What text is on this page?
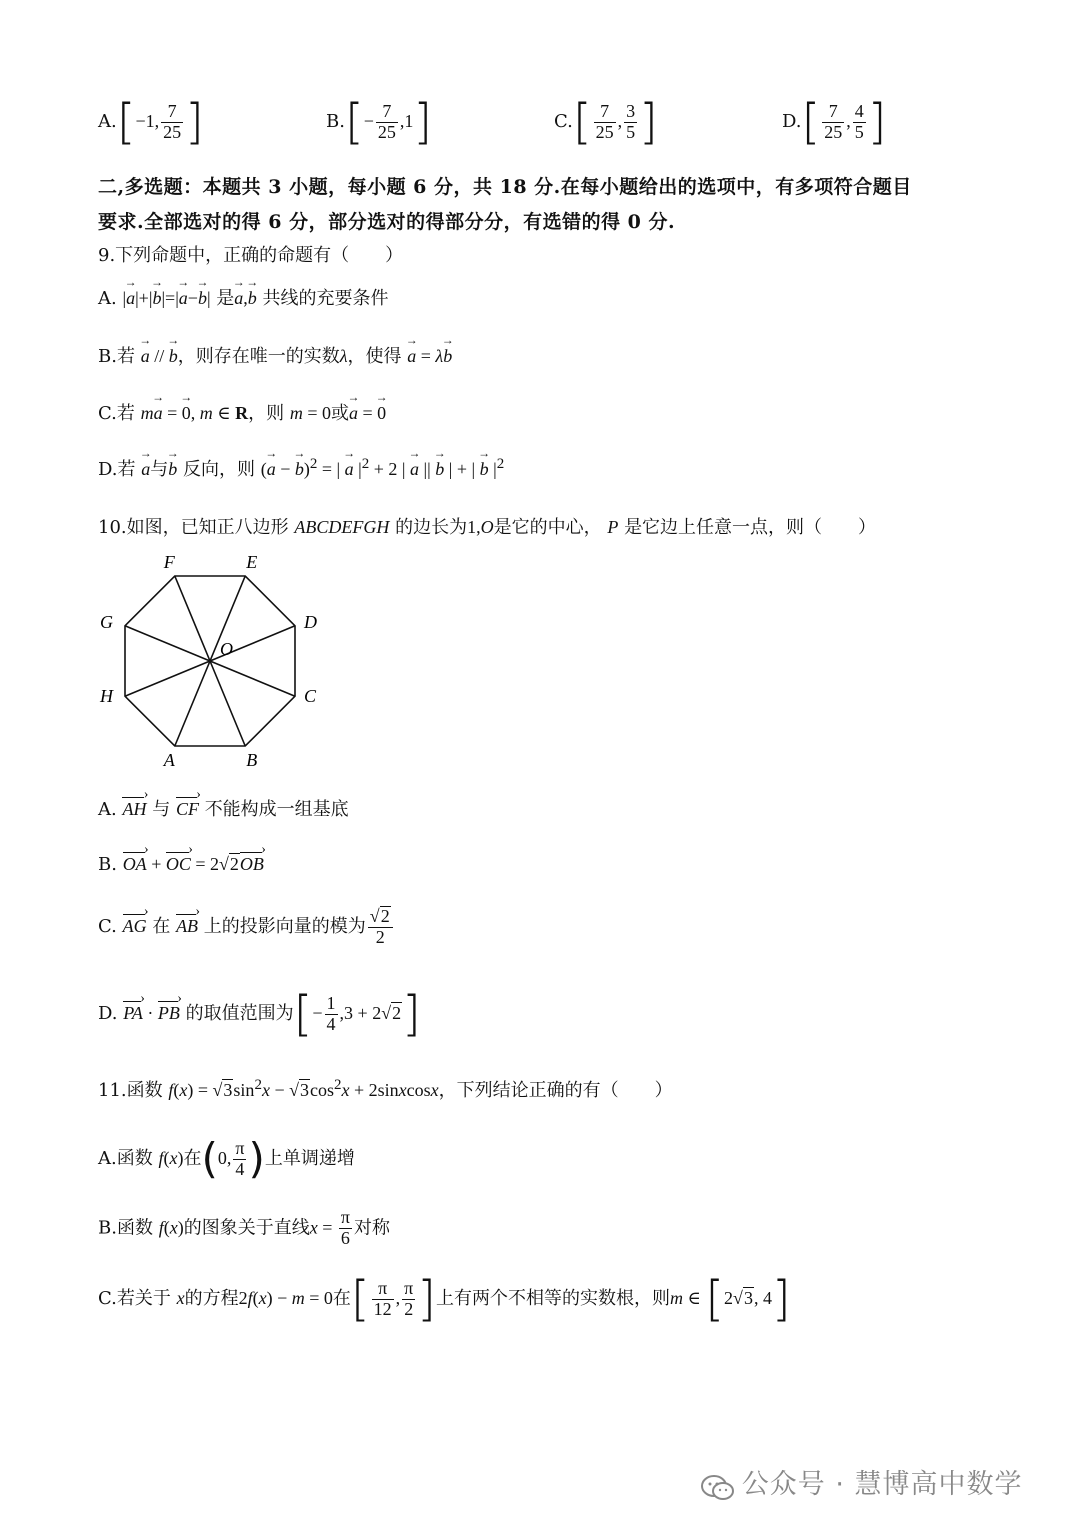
A.[−1, $\frac{7}{25}$ ]	$B.[- \frac{7}{25} ,1]$	$C.[ \frac{7}{25}$ , $\frac{3}{5}$ ]	$D.[ \frac{7}{25}$ , $\frac{4}{5}$ ]
二,多选题：本题共 3 小题，每小题 6 分，共 18 分.在每小题给出的选项中，有多项符合题目
要求.全部选对的得 6 分，部分选对的得部分分，有选错的得 0 分.
9.下列命题中，正确的命题有（　　）
A. |→ a|+|→ b|=|→ a−→ b| 是→ a,→ b 共线的充要条件
B.若 → a // → b，则存在唯一的实数λ，使得 → a = λ→ b
C.若 m→ a = → 0, m ∈ R，则 m = 0或→ a = → 0
D.若 → a与→ b 反向，则 (→ a − → b)$^2$ = | → a $|^2 + 2$ | → a || → b | + | → b $|^2$
10.如图，已知正八边形 ABCDEFGH 的边长为1,O是它的中心， P 是它边上任意一点，则（　　）
A	B
C
D
E
F
G
H
O
A. AH › 与 CF › 不能构成一组基底
B. OA › + OC › = 2√2OB ›
C. AG › 在 AB › 上的投影向量的模为 $\frac{√2}{2}$
D. PA › · PB › 的取值范围为[− $\frac{1}{4} ,3 + 2√2$]
11.函数 $f(x) = √3\sin^2x - √3\cos^2x$ + 2sinxcosx，下列结论正确的有（　　）
A.函数 f(x)在(0, $\frac{\pi}{4}$ )上单调递增
B.函数 f(x)的图象关于直线$x = \frac{\pi}{6}$ 对称
C.若关于 x的方程2f(x) − m = 0在[ $\frac{\pi}{12}$ , $\frac{\pi}{2}$ ]上有两个不相等的实数根，则m ∈ [2√3, 4]
公众号 · 慧博高中数学
